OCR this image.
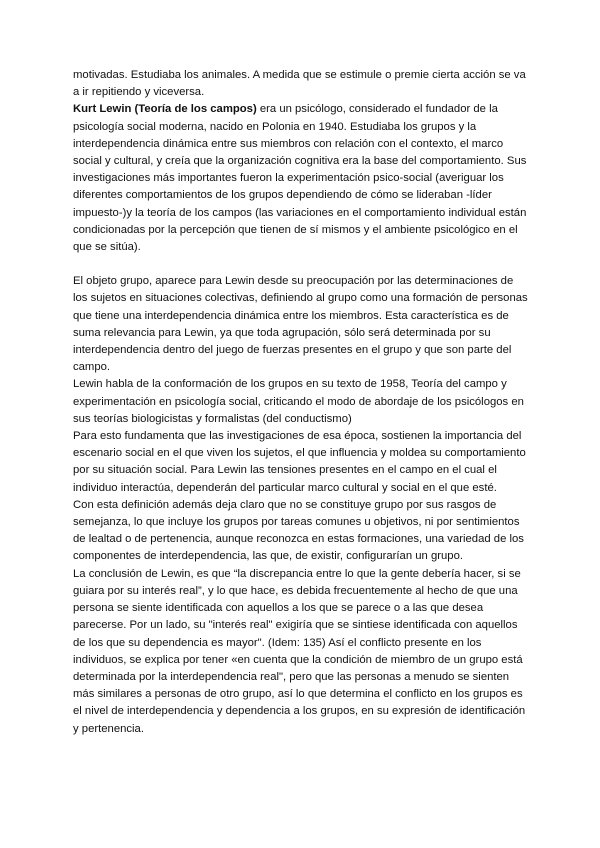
motivadas. Estudiaba los animales. A medida que se estimule o premie cierta acción se va a ir repitiendo y viceversa.

Kurt Lewin (Teoría de los campos) era un psicólogo, considerado el fundador de la psicología social moderna, nacido en Polonia en 1940. Estudiaba los grupos y la interdependencia dinámica entre sus miembros con relación con el contexto, el marco social y cultural, y creía que la organización cognitiva era la base del comportamiento. Sus investigaciones más importantes fueron la experimentación psico-social (averiguar los diferentes comportamientos de los grupos dependiendo de cómo se lideraban -líder impuesto-)y la teoría de los campos (las variaciones en el comportamiento individual están condicionadas por la percepción que tienen de sí mismos y el ambiente psicológico en el que se sitúa).

El objeto grupo, aparece para Lewin desde su preocupación por las determinaciones de los sujetos en situaciones colectivas, definiendo al grupo como una formación de personas que tiene una interdependencia dinámica entre los miembros. Esta característica es de suma relevancia para Lewin, ya que toda agrupación, sólo será determinada por su interdependencia dentro del juego de fuerzas presentes en el grupo y que son parte del campo.

Lewin habla de la conformación de los grupos en su texto de 1958, Teoría del campo y experimentación en psicología social, criticando el modo de abordaje de los psicólogos en sus teorías biologicistas y formalistas (del conductismo)

Para esto fundamenta que las investigaciones de esa época, sostienen la importancia del escenario social en el que viven los sujetos, el que influencia y moldea su comportamiento por su situación social. Para Lewin las tensiones presentes en el campo en el cual el individuo interactúa, dependerán del particular marco cultural y social en el que esté.

Con esta definición además deja claro que no se constituye grupo por sus rasgos de semejanza, lo que incluye los grupos por tareas comunes u objetivos, ni por sentimientos de lealtad o de pertenencia, aunque reconozca en estas formaciones, una variedad de los componentes de interdependencia, las que, de existir, configurarían un grupo.

La conclusión de Lewin, es que “la discrepancia entre lo que la gente debería hacer, si se guiara por su interés real”, y lo que hace, es debida frecuentemente al hecho de que una persona se siente identificada con aquellos a los que se parece o a las que desea parecerse. Por un lado, su "interés real" exigiría que se sintiese identificada con aquellos de los que su dependencia es mayor". (Idem: 135) Así el conflicto presente en los individuos, se explica por tener «en cuenta que la condición de miembro de un grupo está determinada por la interdependencia real", pero que las personas a menudo se sienten más similares a personas de otro grupo, así lo que determina el conflicto en los grupos es el nivel de interdependencia y dependencia a los grupos, en su expresión de identificación y pertenencia.
